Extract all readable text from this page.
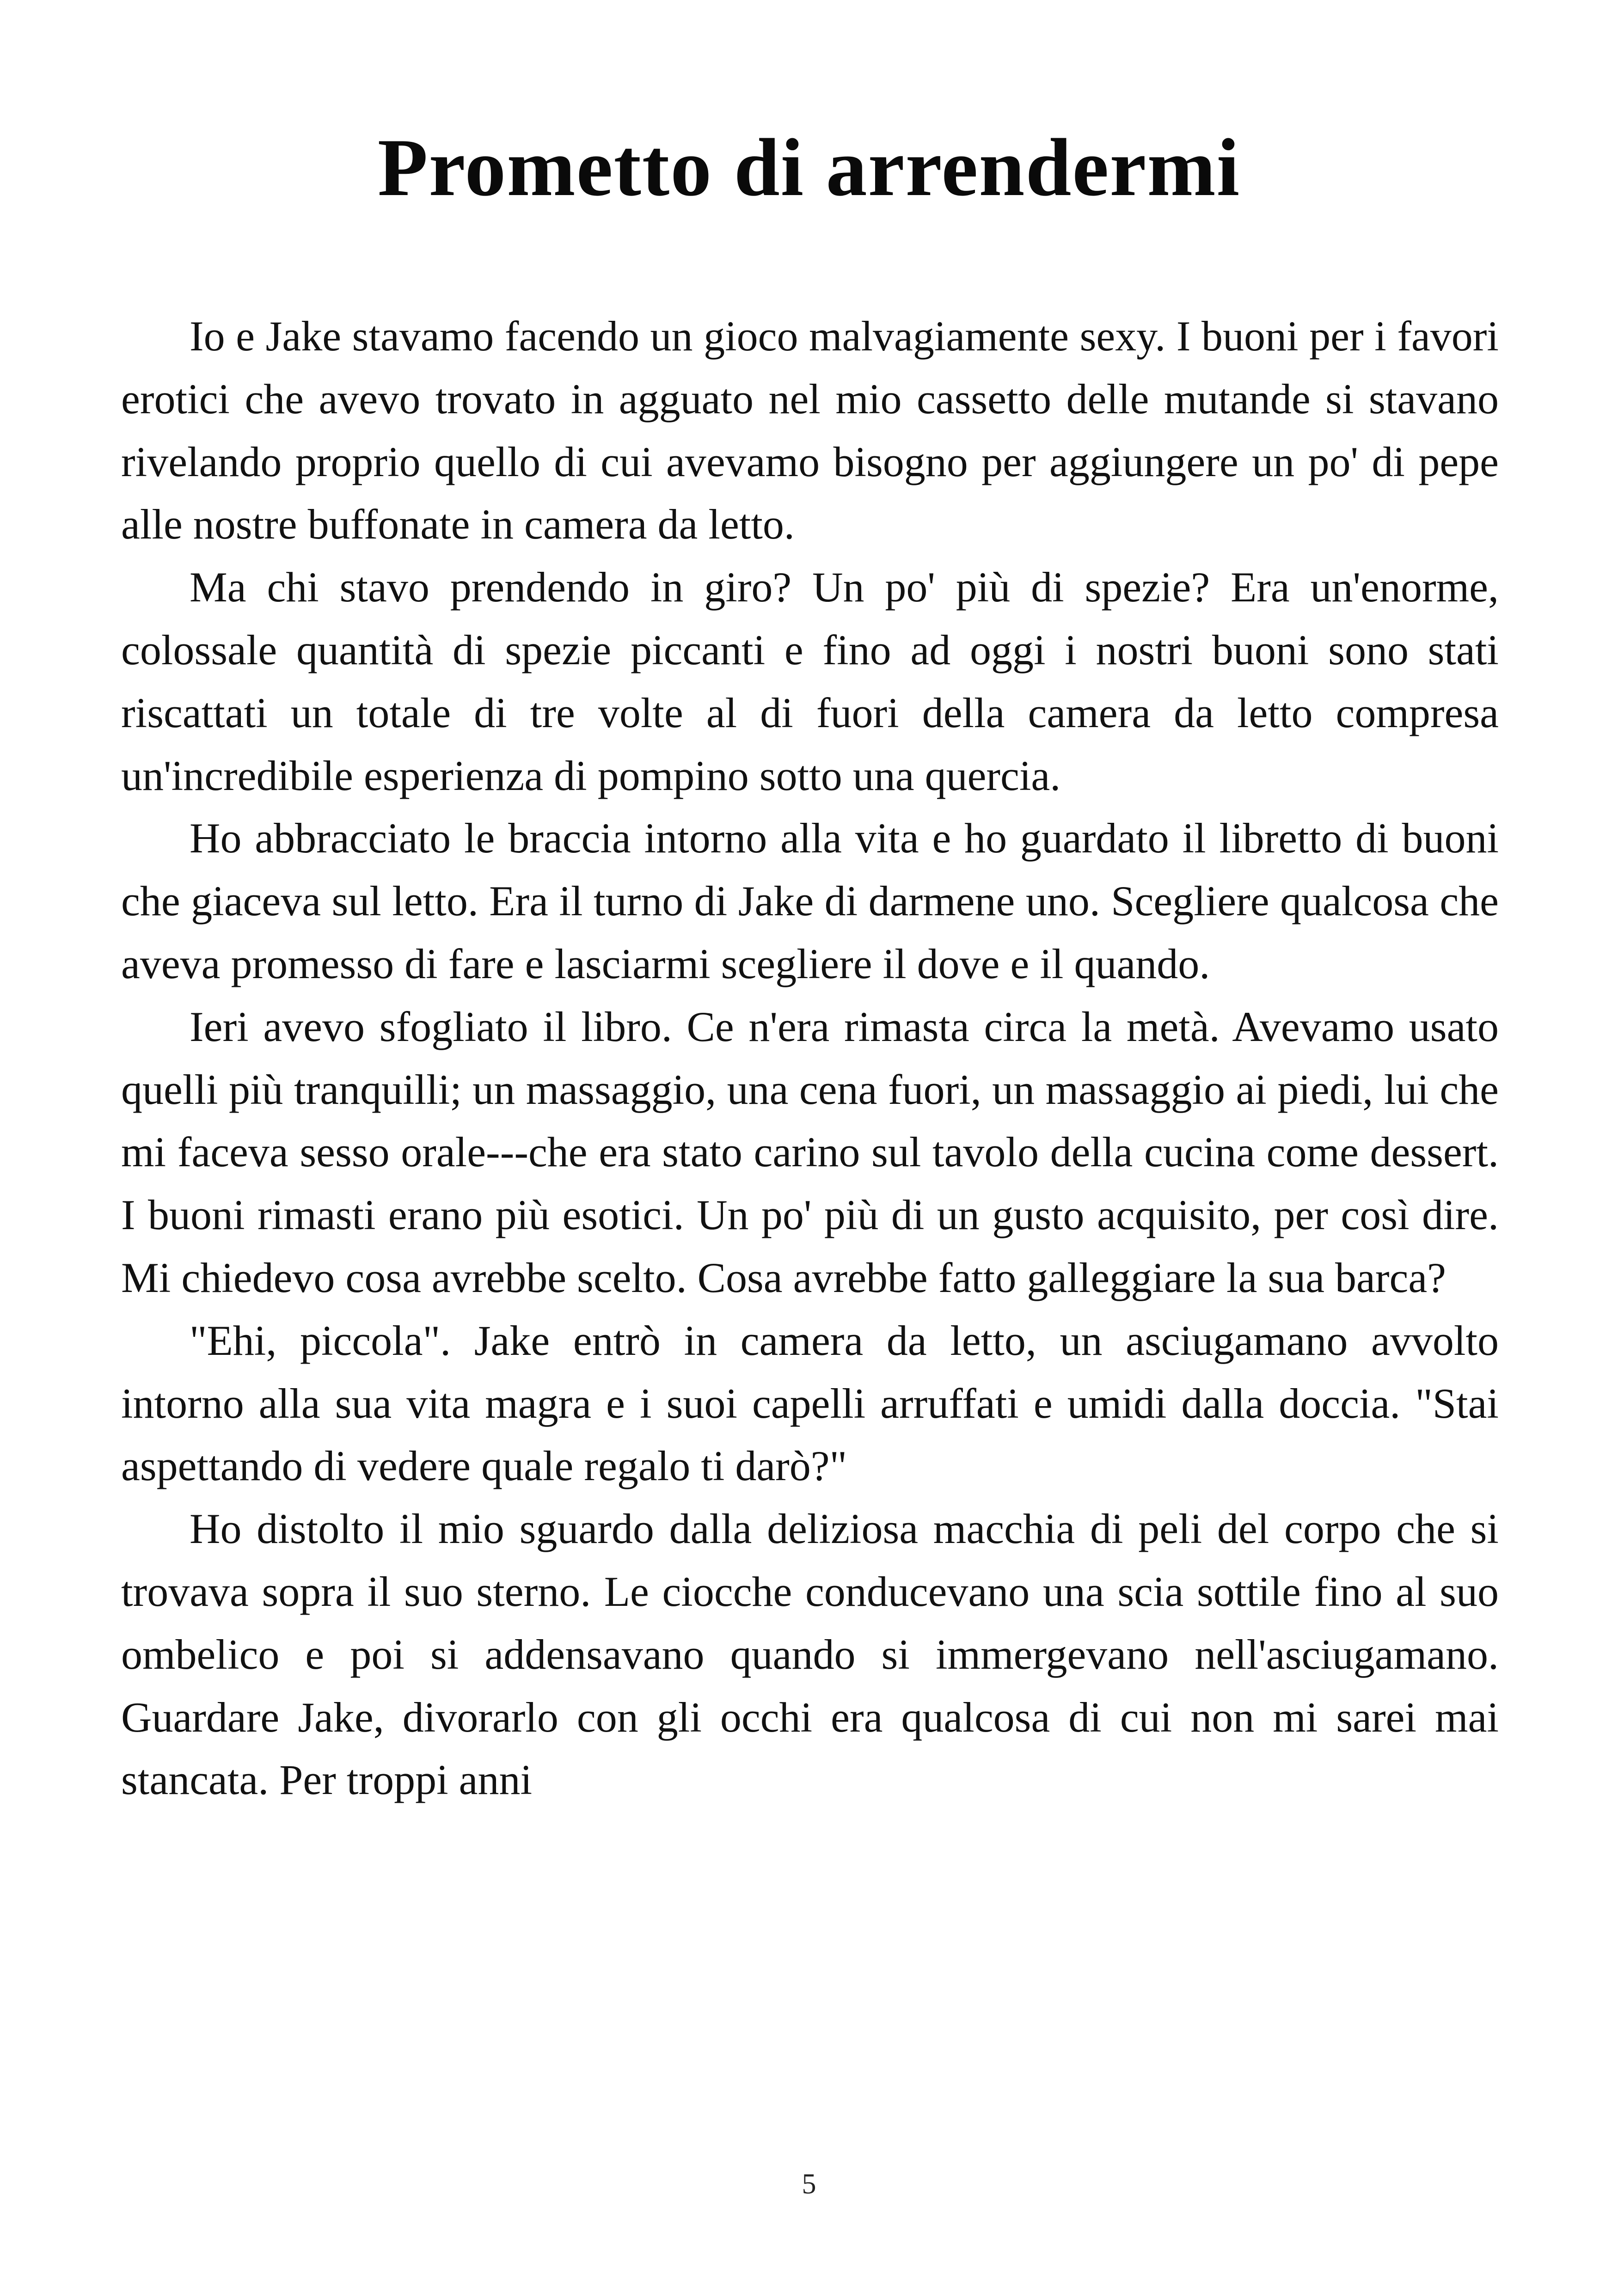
Prometto di arrendermi

Io e Jake stavamo facendo un gioco malvagiamente sexy. I buoni per i favori erotici che avevo trovato in agguato nel mio cassetto delle mutande si stavano rivelando proprio quello di cui avevamo bisogno per aggiungere un po' di pepe alle nostre buffonate in camera da letto.

Ma chi stavo prendendo in giro? Un po' più di spezie? Era un'enorme, colossale quantità di spezie piccanti e fino ad oggi i nostri buoni sono stati riscattati un totale di tre volte al di fuori della camera da letto compresa un'incredibile esperienza di pompino sotto una quercia.

Ho abbracciato le braccia intorno alla vita e ho guardato il libretto di buoni che giaceva sul letto. Era il turno di Jake di darmene uno. Scegliere qualcosa che aveva promesso di fare e lasciarmi scegliere il dove e il quando.

Ieri avevo sfogliato il libro. Ce n'era rimasta circa la metà. Avevamo usato quelli più tranquilli; un massaggio, una cena fuori, un massaggio ai piedi, lui che mi faceva sesso orale---che era stato carino sul tavolo della cucina come dessert. I buoni rimasti erano più esotici. Un po' più di un gusto acquisito, per così dire. Mi chiedevo cosa avrebbe scelto. Cosa avrebbe fatto galleggiare la sua barca?

"Ehi, piccola". Jake entrò in camera da letto, un asciugamano avvolto intorno alla sua vita magra e i suoi capelli arruffati e umidi dalla doccia. "Stai aspettando di vedere quale regalo ti darò?"

Ho distolto il mio sguardo dalla deliziosa macchia di peli del corpo che si trovava sopra il suo sterno. Le ciocche conducevano una scia sottile fino al suo ombelico e poi si addensavano quando si immergevano nell'asciugamano. Guardare Jake, divorarlo con gli occhi era qualcosa di cui non mi sarei mai stancata. Per troppi anni

5
